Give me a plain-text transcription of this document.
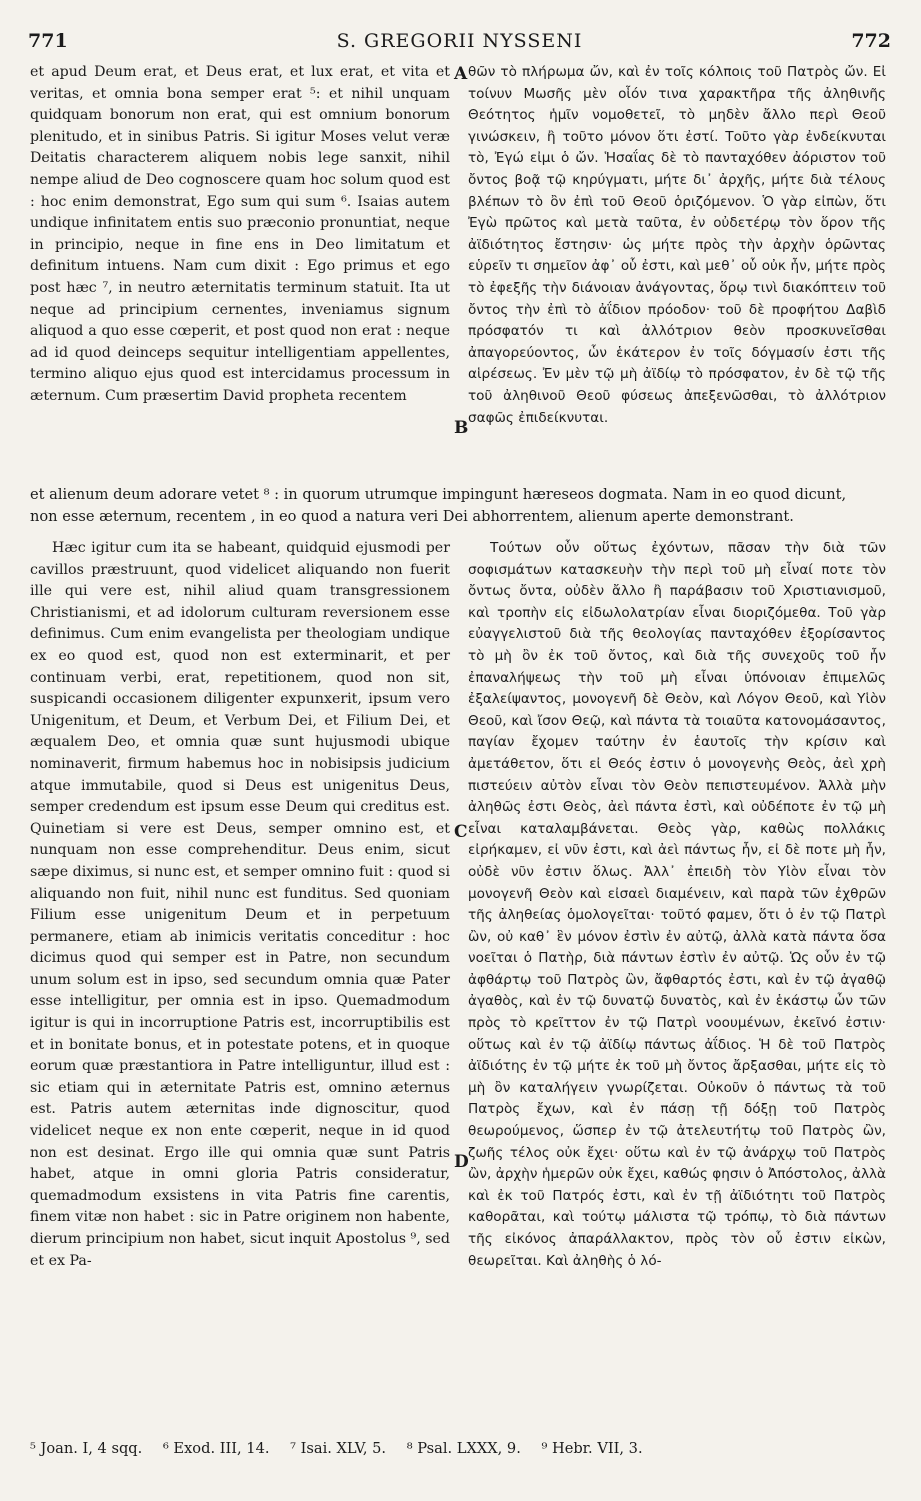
771	S. GREGORII NYSSENI	772

et apud Deum erat, et Deus erat, et lux erat, et vita et veritas, et omnia bona semper erat ⁵: et nihil unquam quidquam bonorum non erat, qui est omnium bonorum plenitudo, et in sinibus Patris. Si igitur Moses velut veræ Deitatis characterem aliquem nobis lege sanxit, nihil nempe aliud de Deo cognoscere quam hoc solum quod est : hoc enim demonstrat, Ego sum qui sum ⁶. Isaias autem undique infinitatem entis suo præconio pronuntiat, neque in principio, neque in fine ens in Deo limitatum et definitum intuens. Nam cum dixit : Ego primus et ego post hæc ⁷, in neutro æternitatis terminum statuit. Ita ut neque ad principium cernentes, inveniamus signum aliquod a quo esse cœperit, et post quod non erat : neque ad id quod deinceps sequitur intelligentiam appellentes, termino aliquo ejus quod est intercidamus processum in æternum. Cum præsertim David propheta recentem

θῶν τὸ πλήρωμα ὤν, καὶ ἐν τοῖς κόλποις τοῦ Πατρὸς ὤν. Εἰ τοίνυν Μωσῆς μὲν οἷόν τινα χαρακτῆρα τῆς ἀληθινῆς Θεότητος ἡμῖν νομοθετεῖ, τὸ μηδὲν ἄλλο περὶ Θεοῦ γινώσκειν, ἢ τοῦτο μόνον ὅτι ἐστί. Τοῦτο γὰρ ἐνδείκνυται τὸ, Ἐγώ εἰμι ὁ ὤν. Ἡσαΐας δὲ τὸ πανταχόθεν ἀόριστον τοῦ ὄντος βοᾷ τῷ κηρύγματι, μήτε δι᾽ ἀρχῆς, μήτε διὰ τέλους βλέπων τὸ ὂν ἐπὶ τοῦ Θεοῦ ὁριζόμενον. Ὁ γὰρ εἰπὼν, ὅτι Ἐγὼ πρῶτος καὶ μετὰ ταῦτα, ἐν οὐδετέρῳ τὸν ὅρον τῆς ἀϊδιότητος ἔστησιν· ὡς μήτε πρὸς τὴν ἀρχὴν ὁρῶντας εὑρεῖν τι σημεῖον ἀφ᾽ οὗ ἐστι, καὶ μεθ᾽ οὗ οὐκ ἦν, μήτε πρὸς τὸ ἐφεξῆς τὴν διάνοιαν ἀνάγοντας, ὅρῳ τινὶ διακόπτειν τοῦ ὄντος τὴν ἐπὶ τὸ ἀΐδιον πρόοδον· τοῦ δὲ προφήτου Δαβὶδ πρόσφατόν τι καὶ ἀλλότριον θεὸν προσκυνεῖσθαι ἀπαγορεύοντος, ὧν ἑκάτερον ἐν τοῖς δόγμασίν ἐστι τῆς αἱρέσεως. Ἐν μὲν τῷ μὴ ἀϊδίῳ τὸ πρόσφατον, ἐν δὲ τῷ τῆς τοῦ ἀληθινοῦ Θεοῦ φύσεως ἀπεξενῶσθαι, τὸ ἀλλότριον σαφῶς ἐπιδείκνυται.

et alienum deum adorare vetet ⁸ : in quorum utrumque impingunt hæreseos dogmata. Nam in eo quod dicunt,
non esse æternum, recentem , in eo quod a natura veri Dei abhorrentem, alienum aperte demonstrant.

Hæc igitur cum ita se habeant, quidquid ejusmodi per cavillos præstruunt, quod videlicet aliquando non fuerit ille qui vere est, nihil aliud quam transgressionem Christianismi, et ad idolorum culturam reversionem esse definimus. Cum enim evangelista per theologiam undique ex eo quod est, quod non est exterminarit, et per continuam verbi, erat, repetitionem, quod non sit, suspicandi occasionem diligenter expunxerit, ipsum vero Unigenitum, et Deum, et Verbum Dei, et Filium Dei, et æqualem Deo, et omnia quæ sunt hujusmodi ubique nominaverit, firmum habemus hoc in nobisipsis judicium atque immutabile, quod si Deus est unigenitus Deus, semper credendum est ipsum esse Deum qui creditus est. Quinetiam si vere est Deus, semper omnino est, et nunquam non esse comprehenditur. Deus enim, sicut sæpe diximus, si nunc est, et semper omnino fuit : quod si aliquando non fuit, nihil nunc est funditus. Sed quoniam Filium esse unigenitum Deum et in perpetuum permanere, etiam ab inimicis veritatis conceditur : hoc dicimus quod qui semper est in Patre, non secundum unum solum est in ipso, sed secundum omnia quæ Pater esse intelligitur, per omnia est in ipso. Quemadmodum igitur is qui in incorruptione Patris est, incorruptibilis est et in bonitate bonus, et in potestate potens, et in quoque eorum quæ præstantiora in Patre intelliguntur, illud est : sic etiam qui in æternitate Patris est, omnino æternus est. Patris autem æternitas inde dignoscitur, quod videlicet neque ex non ente cœperit, neque in id quod non est desinat. Ergo ille qui omnia quæ sunt Patris habet, atque in omni gloria Patris consideratur, quemadmodum exsistens in vita Patris fine carentis, finem vitæ non habet : sic in Patre originem non habente, dierum principium non habet, sicut inquit Apostolus ⁹, sed et ex Pa-

Τούτων οὖν οὕτως ἐχόντων, πᾶσαν τὴν διὰ τῶν σοφισμάτων κατασκευὴν τὴν περὶ τοῦ μὴ εἶναί ποτε τὸν ὄντως ὄντα, οὐδὲν ἄλλο ἢ παράβασιν τοῦ Χριστιανισμοῦ, καὶ τροπὴν εἰς εἰδωλολατρίαν εἶναι διοριζόμεθα. Τοῦ γὰρ εὐαγγελιστοῦ διὰ τῆς θεολογίας πανταχόθεν ἐξορίσαντος τὸ μὴ ὂν ἐκ τοῦ ὄντος, καὶ διὰ τῆς συνεχοῦς τοῦ ἦν ἐπαναλήψεως τὴν τοῦ μὴ εἶναι ὑπόνοιαν ἐπιμελῶς ἐξαλείψαντος, μονογενῆ δὲ Θεὸν, καὶ Λόγον Θεοῦ, καὶ Υἱὸν Θεοῦ, καὶ ἴσον Θεῷ, καὶ πάντα τὰ τοιαῦτα κατονομάσαντος, παγίαν ἔχομεν ταύτην ἐν ἑαυτοῖς τὴν κρίσιν καὶ ἀμετάθετον, ὅτι εἰ Θεός ἐστιν ὁ μονογενὴς Θεὸς, ἀεὶ χρὴ πιστεύειν αὐτὸν εἶναι τὸν Θεὸν πεπιστευμένον. Ἀλλὰ μὴν ἀληθῶς ἐστι Θεὸς, ἀεὶ πάντα ἐστὶ, καὶ οὐδέποτε ἐν τῷ μὴ εἶναι καταλαμβάνεται. Θεὸς γὰρ, καθὼς πολλάκις εἰρήκαμεν, εἰ νῦν ἐστι, καὶ ἀεὶ πάντως ἦν, εἰ δὲ ποτε μὴ ἦν, οὐδὲ νῦν ἐστιν ὅλως. Ἀλλ᾽ ἐπειδὴ τὸν Υἱὸν εἶναι τὸν μονογενῆ Θεὸν καὶ εἰσαεὶ διαμένειν, καὶ παρὰ τῶν ἐχθρῶν τῆς ἀληθείας ὁμολογεῖται· τοῦτό φαμεν, ὅτι ὁ ἐν τῷ Πατρὶ ὢν, οὐ καθ᾽ ἓν μόνον ἐστὶν ἐν αὐτῷ, ἀλλὰ κατὰ πάντα ὅσα νοεῖται ὁ Πατὴρ, διὰ πάντων ἐστὶν ἐν αὐτῷ. Ὡς οὖν ἐν τῷ ἀφθάρτῳ τοῦ Πατρὸς ὢν, ἄφθαρτός ἐστι, καὶ ἐν τῷ ἀγαθῷ ἀγαθὸς, καὶ ἐν τῷ δυνατῷ δυνατὸς, καὶ ἐν ἑκάστῳ ὧν τῶν πρὸς τὸ κρεῖττον ἐν τῷ Πατρὶ νοουμένων, ἐκεῖνό ἐστιν· οὕτως καὶ ἐν τῷ ἀϊδίῳ πάντως ἀΐδιος. Ἡ δὲ τοῦ Πατρὸς ἀϊδιότης ἐν τῷ μήτε ἐκ τοῦ μὴ ὄντος ἄρξασθαι, μήτε εἰς τὸ μὴ ὂν καταλήγειν γνωρίζεται. Οὐκοῦν ὁ πάντως τὰ τοῦ Πατρὸς ἔχων, καὶ ἐν πάσῃ τῇ δόξῃ τοῦ Πατρὸς θεωρούμενος, ὥσπερ ἐν τῷ ἀτελευτήτῳ τοῦ Πατρὸς ὢν, ζωῆς τέλος οὐκ ἔχει· οὕτω καὶ ἐν τῷ ἀνάρχῳ τοῦ Πατρὸς ὢν, ἀρχὴν ἡμερῶν οὐκ ἔχει, καθώς φησιν ὁ Ἀπόστολος, ἀλλὰ καὶ ἐκ τοῦ Πατρός ἐστι, καὶ ἐν τῇ ἀϊδιότητι τοῦ Πατρὸς καθορᾶται, καὶ τούτῳ μάλιστα τῷ τρόπῳ, τὸ διὰ πάντων τῆς εἰκόνος ἀπαράλλακτον, πρὸς τὸν οὗ ἐστιν εἰκὼν, θεωρεῖται. Καὶ ἀληθὴς ὁ λό-

A
B
C
D
⁵ Joan. I, 4 sqq. ⁶ Exod. III, 14. ⁷ Isai. XLV, 5. ⁸ Psal. LXXX, 9. ⁹ Hebr. VII, 3.
